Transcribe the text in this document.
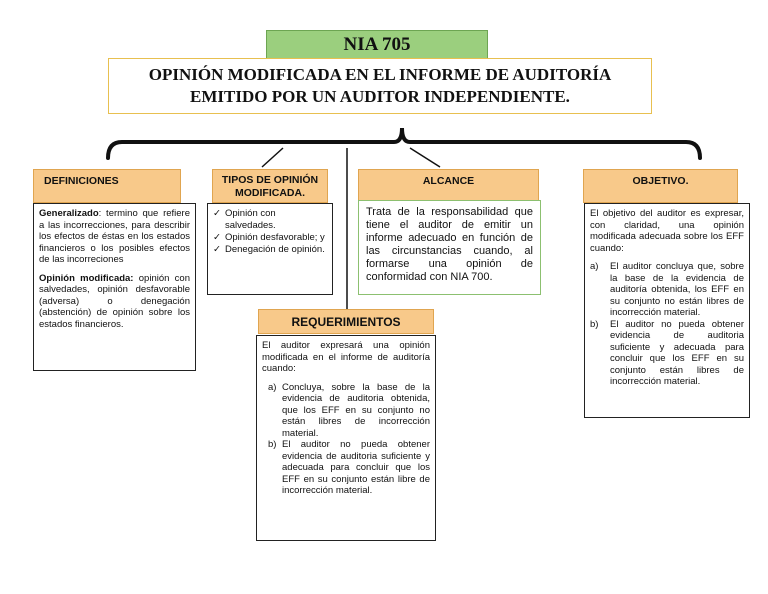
NIA 705
OPINIÓN MODIFICADA EN EL INFORME DE AUDITORÍA
EMITIDO POR UN AUDITOR INDEPENDIENTE.
DEFINICIONES

Generalizado: termino que refiere a las incorrecciones, para describir los efectos de éstas en los estados financieros o los posibles efectos de las incorreciones

Opinión modificada: opinión con salvedades, opinión desfavorable (adversa) o denegación (abstención) de opinión sobre los estados financieros.

TIPOS DE OPINIÓN
MODIFICADA.
✓ Opinión con salvedades.
✓ Opinión desfavorable; y
✓ Denegación de opinión.
ALCANCE

Trata de la responsabilidad que tiene el auditor de emitir un informe adecuado en función de las circunstancias cuando, al formarse una opinión de conformidad con NIA 700.

OBJETIVO.

El objetivo del auditor es expresar, con claridad, una opinión modificada adecuada sobre los EFF cuando:

a) El auditor concluya que, sobre la base de la evidencia de auditoría obtenida, los EFF en su conjunto no están libres de incorrección material.
b) El auditor no pueda obtener evidencia de auditoria suficiente y adecuada para concluir que los EFF en su conjunto están libres de incorrección material.
REQUERIMIENTOS

El auditor expresará una opinión modificada en el informe de auditoría cuando:

a) Concluya, sobre la base de la evidencia de auditoria obtenida, que los EFF en su conjunto no están libres de incorrección material.
b) El auditor no pueda obtener evidencia de auditoria suficiente y adecuada para concluir que los EFF en su conjunto están libre de incorrección material.
